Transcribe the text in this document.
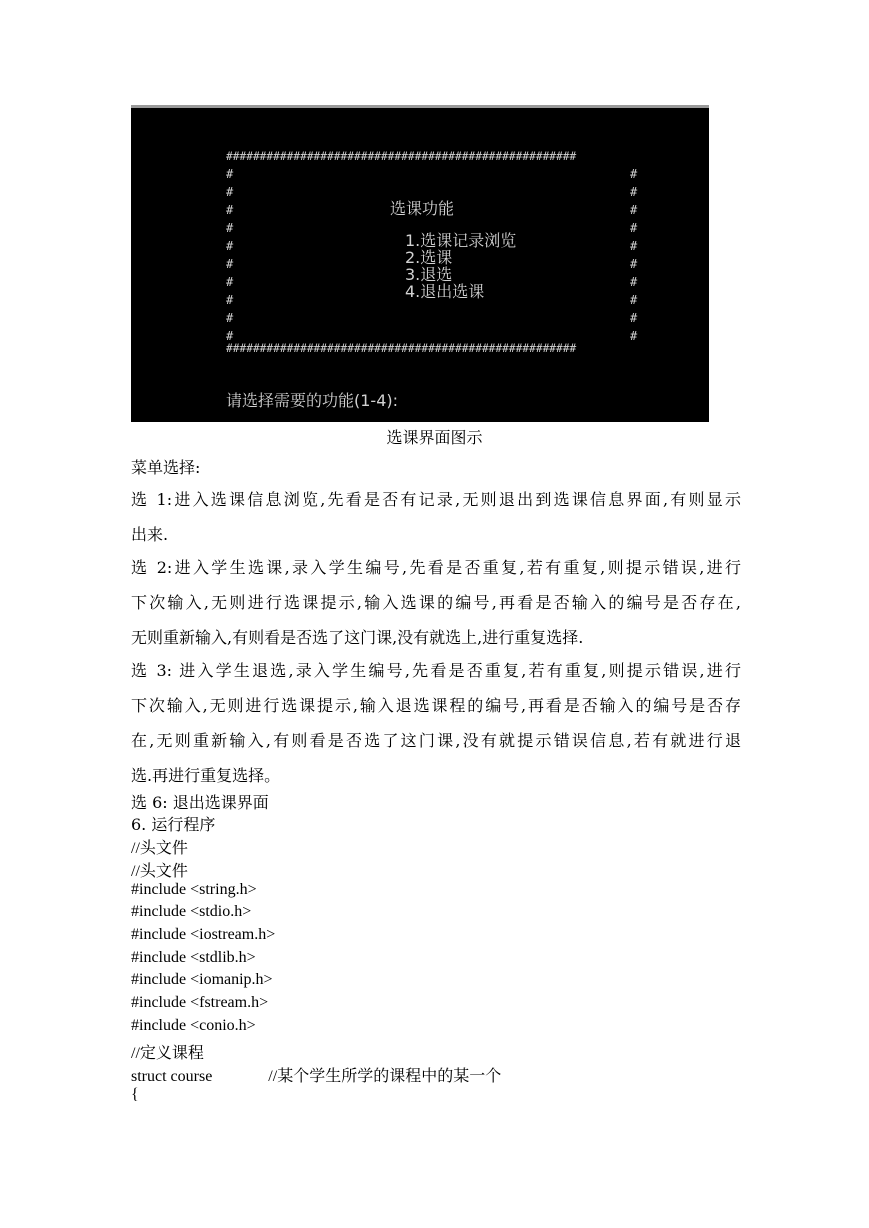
####################################################
#
#
#
#
#
#
#
#
#
#
#
#
#
#
#
#
#
#
#
#
####################################################
选课功能
1.选课记录浏览
2.选课
3.退选
4.退出选课
请选择需要的功能(1-4):
选课界面图示
菜单选择:
选 1:进入选课信息浏览,先看是否有记录,无则退出到选课信息界面,有则显示
出来.
选 2:进入学生选课,录入学生编号,先看是否重复,若有重复,则提示错误,进行
下次输入,无则进行选课提示,输入选课的编号,再看是否输入的编号是否存在,
无则重新输入,有则看是否选了这门课,没有就选上,进行重复选择.
选 3: 进入学生退选,录入学生编号,先看是否重复,若有重复,则提示错误,进行
下次输入,无则进行选课提示,输入退选课程的编号,再看是否输入的编号是否存
在,无则重新输入,有则看是否选了这门课,没有就提示错误信息,若有就进行退
选.再进行重复选择。
选 6: 退出选课界面
6. 运行程序
//头文件
//头文件
#include <string.h>
#include <stdio.h>
#include <iostream.h>
#include <stdlib.h>
#include <iomanip.h>
#include <fstream.h>
#include <conio.h>
//定义课程
struct course              //某个学生所学的课程中的某一个
{
